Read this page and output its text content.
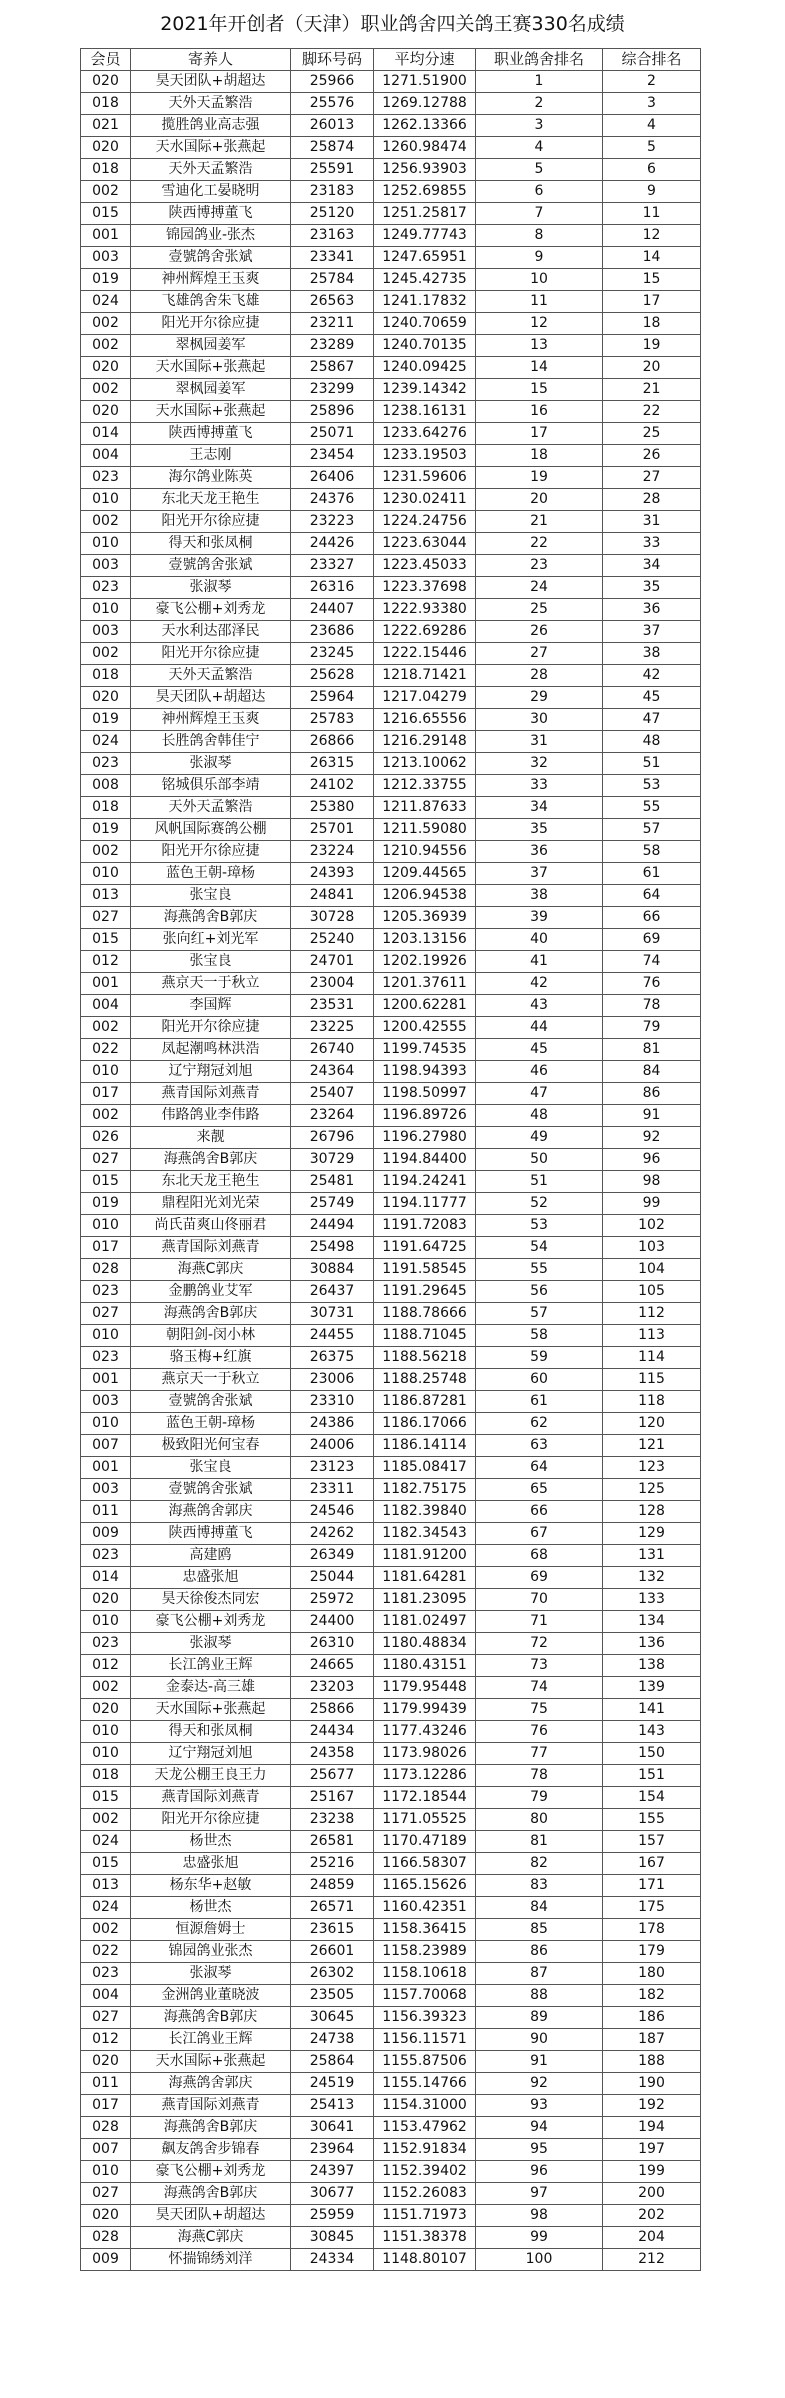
2021年开创者（天津）职业鸽舍四关鸽王赛330名成绩
会员	寄养人	脚环号码	平均分速	职业鸽舍排名	综合排名
020	昊天团队+胡超达	25966	1271.51900	1	2
018	天外天孟繁浩	25576	1269.12788	2	3
021	揽胜鸽业高志强	26013	1262.13366	3	4
020	天水国际+张燕起	25874	1260.98474	4	5
018	天外天孟繁浩	25591	1256.93903	5	6
002	雪迪化工晏晓明	23183	1252.69855	6	9
015	陕西博搏董飞	25120	1251.25817	7	11
001	锦园鸽业-张杰	23163	1249.77743	8	12
003	壹號鸽舍张斌	23341	1247.65951	9	14
019	神州辉煌王玉爽	25784	1245.42735	10	15
024	飞雄鸽舍朱飞雄	26563	1241.17832	11	17
002	阳光开尔徐应捷	23211	1240.70659	12	18
002	翠枫园姜军	23289	1240.70135	13	19
020	天水国际+张燕起	25867	1240.09425	14	20
002	翠枫园姜军	23299	1239.14342	15	21
020	天水国际+张燕起	25896	1238.16131	16	22
014	陕西博搏董飞	25071	1233.64276	17	25
004	王志刚	23454	1233.19503	18	26
023	海尔鸽业陈英	26406	1231.59606	19	27
010	东北天龙王艳生	24376	1230.02411	20	28
002	阳光开尔徐应捷	23223	1224.24756	21	31
010	得天和张凤桐	24426	1223.63044	22	33
003	壹號鸽舍张斌	23327	1223.45033	23	34
023	张淑琴	26316	1223.37698	24	35
010	豪飞公棚+刘秀龙	24407	1222.93380	25	36
003	天水利达邵泽民	23686	1222.69286	26	37
002	阳光开尔徐应捷	23245	1222.15446	27	38
018	天外天孟繁浩	25628	1218.71421	28	42
020	昊天团队+胡超达	25964	1217.04279	29	45
019	神州辉煌王玉爽	25783	1216.65556	30	47
024	长胜鸽舍韩佳宁	26866	1216.29148	31	48
023	张淑琴	26315	1213.10062	32	51
008	铭城俱乐部李靖	24102	1212.33755	33	53
018	天外天孟繁浩	25380	1211.87633	34	55
019	风帆国际赛鸽公棚	25701	1211.59080	35	57
002	阳光开尔徐应捷	23224	1210.94556	36	58
010	蓝色王朝-璋杨	24393	1209.44565	37	61
013	张宝良	24841	1206.94538	38	64
027	海燕鸽舍B郭庆	30728	1205.36939	39	66
015	张向红+刘光军	25240	1203.13156	40	69
012	张宝良	24701	1202.19926	41	74
001	燕京天一于秋立	23004	1201.37611	42	76
004	李国辉	23531	1200.62281	43	78
002	阳光开尔徐应捷	23225	1200.42555	44	79
022	凤起潮鸣林洪浩	26740	1199.74535	45	81
010	辽宁翔冠刘旭	24364	1198.94393	46	84
017	燕青国际刘燕青	25407	1198.50997	47	86
002	伟路鸽业李伟路	23264	1196.89726	48	91
026	来靓	26796	1196.27980	49	92
027	海燕鸽舍B郭庆	30729	1194.84400	50	96
015	东北天龙王艳生	25481	1194.24241	51	98
019	鼎程阳光刘光荣	25749	1194.11777	52	99
010	尚氏苗爽山佟丽君	24494	1191.72083	53	102
017	燕青国际刘燕青	25498	1191.64725	54	103
028	海燕C郭庆	30884	1191.58545	55	104
023	金鹏鸽业艾军	26437	1191.29645	56	105
027	海燕鸽舍B郭庆	30731	1188.78666	57	112
010	朝阳剑-闵小林	24455	1188.71045	58	113
023	骆玉梅+红旗	26375	1188.56218	59	114
001	燕京天一于秋立	23006	1188.25748	60	115
003	壹號鸽舍张斌	23310	1186.87281	61	118
010	蓝色王朝-璋杨	24386	1186.17066	62	120
007	极致阳光何宝春	24006	1186.14114	63	121
001	张宝良	23123	1185.08417	64	123
003	壹號鸽舍张斌	23311	1182.75175	65	125
011	海燕鸽舍郭庆	24546	1182.39840	66	128
009	陕西博搏董飞	24262	1182.34543	67	129
023	高建鸥	26349	1181.91200	68	131
014	忠盛张旭	25044	1181.64281	69	132
020	昊天徐俊杰同宏	25972	1181.23095	70	133
010	豪飞公棚+刘秀龙	24400	1181.02497	71	134
023	张淑琴	26310	1180.48834	72	136
012	长江鸽业王辉	24665	1180.43151	73	138
002	金泰达-高三雄	23203	1179.95448	74	139
020	天水国际+张燕起	25866	1179.99439	75	141
010	得天和张凤桐	24434	1177.43246	76	143
010	辽宁翔冠刘旭	24358	1173.98026	77	150
018	天龙公棚王良王力	25677	1173.12286	78	151
015	燕青国际刘燕青	25167	1172.18544	79	154
002	阳光开尔徐应捷	23238	1171.05525	80	155
024	杨世杰	26581	1170.47189	81	157
015	忠盛张旭	25216	1166.58307	82	167
013	杨东华+赵敏	24859	1165.15626	83	171
024	杨世杰	26571	1160.42351	84	175
002	恒源詹姆士	23615	1158.36415	85	178
022	锦园鸽业张杰	26601	1158.23989	86	179
023	张淑琴	26302	1158.10618	87	180
004	金洲鸽业董晓波	23505	1157.70068	88	182
027	海燕鸽舍B郭庆	30645	1156.39323	89	186
012	长江鸽业王辉	24738	1156.11571	90	187
020	天水国际+张燕起	25864	1155.87506	91	188
011	海燕鸽舍郭庆	24519	1155.14766	92	190
017	燕青国际刘燕青	25413	1154.31000	93	192
028	海燕鸽舍B郭庆	30641	1153.47962	94	194
007	飙友鸽舍步锦春	23964	1152.91834	95	197
010	豪飞公棚+刘秀龙	24397	1152.39402	96	199
027	海燕鸽舍B郭庆	30677	1152.26083	97	200
020	昊天团队+胡超达	25959	1151.71973	98	202
028	海燕C郭庆	30845	1151.38378	99	204
009	怀揣锦绣刘洋	24334	1148.80107	100	212
